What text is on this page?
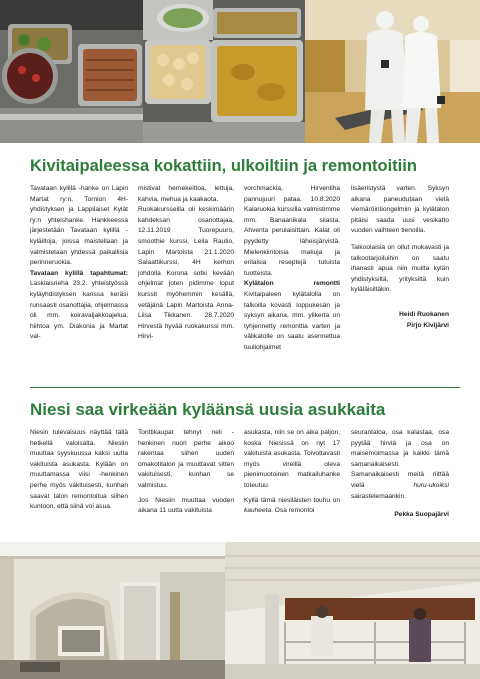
Kivitaipaleessa kokattiin, ulkoiltiin ja remontoitiin

Tavataan kylillä -hanke on Lapin Martat ry:n, Tornion 4H-yhdistyksen ja Lappilaiset Kylät ry:n yhteishanke. Hankkeessa järjestetään Tavataan kylillä -kyläiltoja, joissa maistellaan ja valmistetaan yhdessä paikallisia perinneruokia.

Tavataan kylillä tapahtumat: Laskiaisrieha 23.2. yhteistyössä kyläyhdistyksen kanssa keräsi runsaasti osanottajia, ohjelmassa oli mm. koiravaljakkoajelua, hiihtoa ym. Diakonia ja Martat val-

mistivat hernekeittoa, lettuja, kahvia, mehua ja kaakaota.

Ruokakursseilla oli keskimäärin kahdeksan osanottajaa, 12.11.2019 Tuorepuuro, smoothie kurssi, Leila Rautio, Lapin Martoista 21.1.2020 Salaattikurssi, 4H kerhon johdolla Korona sotki kevään ohjelmat joten pidimme loput kurssit myöhemmin kesällä, vetäjänä Lapin Martoista Anna-Liisa Tikkanen. 28.7.2020 Hirvestä hyvää ruokakurssi mm. Hirvi-

vorchmackia, Hirvenliha pannujuuri pataa. 10.8.2020 Kalaruokia kurssilla valmistimme mm. Banaanikala siiasta, Ahventa perulaisittain. Kalat oli pyydetty läheisjärvistä. Mielenkiintoisia makuja ja erilaisia reseptejä tutuista tuotteista.

Kylätalon remontti Kivitaipaleen kylätalolla on talkoilla kovasti loppukesän ja syksyn aikana, mm. ylikerta on tyhjennetty remonttia varten ja välikatolle on saatu asennettua tuuliohjaimet

lisäeristystä varten. Syksyn aikana paneudutaan vielä viemäröintiongelmiin ja kylätalon pitäisi saada uusi vesikatto vuoden vaihteen tienoilla.

Talkoolaisia on ollut mukavasti ja talkootarjoiluihin on saatu ihanasti apua niin muilta kylän yhdistyksiltä, yrityksiltä kuin kyläläisiltäkin.

Heidi Ruokanen
Pirjo Kivijärvi
Niesi saa virkeään kyläänsä uusia asukkaita

Niesin tulevaisuus näyttää tällä hetkellä valoisalta. Niesiin muuttaa syyskuussa kaksi uutta vakituista asukasta. Kylään on muuttamassa viisi -henkinen perhe myös vakituisesti, kunhan saavat talon remontoitua siihen kuntoon, että siinä voi asua.

Tonttikaupat tehnyt neli -henkinen nuori perhe aikoo rakentaa siihen uuden omakotitalon ja muuttavat sitten vakituisesti, kunhan se valmistuu.

Jos Niesiin muuttaa vuoden aikana 11 uutta vakituista

asukasta, niin se on aika paljon, koska Niesissä on nyt 17 vakituista asukasta. Toivottavasti myös vireillä oleva pienimuotoinen matkailuhanke toteutuu.

Kyllä tämä niesiläisten touhu on kauheeta. Osa remontoi

seurantaloa, osa kalastaa, osa pyytää hirviä ja osa on maisemoimassa ja kaikki tämä samanaikaisesti. Samanaikaisesti meitä riittää vielä huru-ukoiksi sairastelemaankin.

Pekka Suopajärvi
